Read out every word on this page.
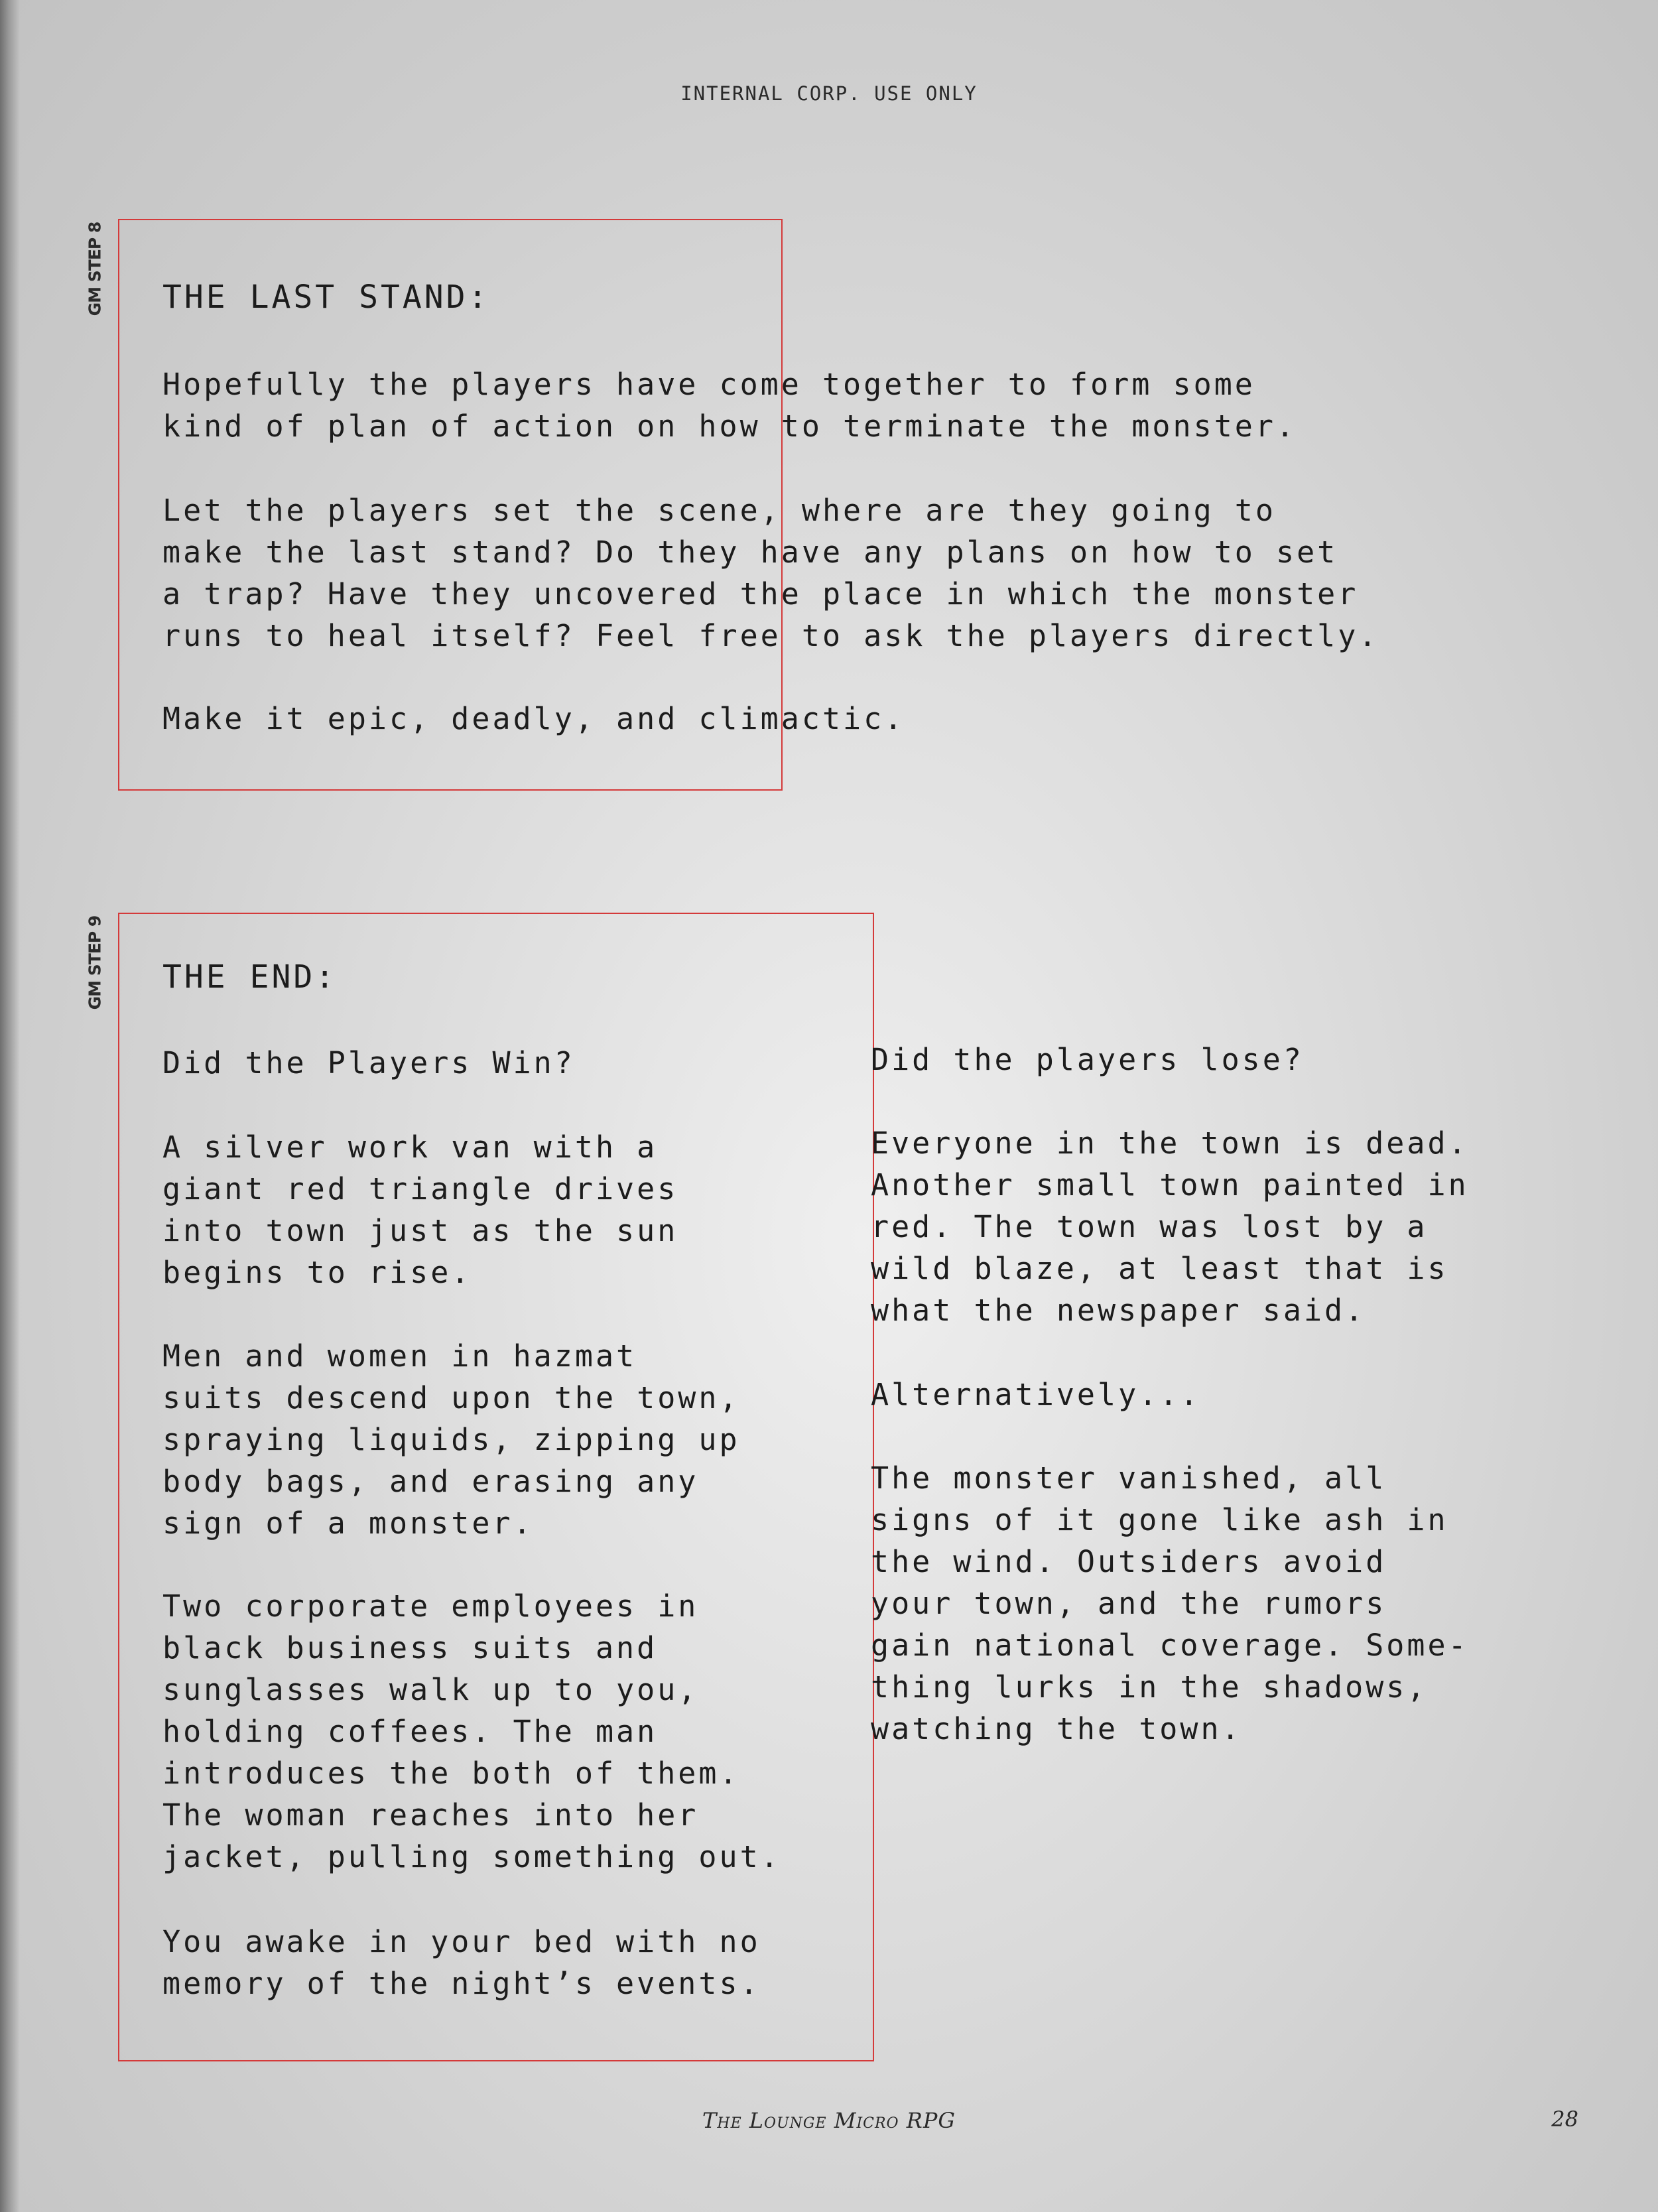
INTERNAL CORP. USE ONLY
GM STEP 8 THE LAST STAND:
Hopefully the players have come together to form some
kind of plan of action on how to terminate the monster.
Let the players set the scene, where are they going to
make the last stand? Do they have any plans on how to set
a trap? Have they uncovered the place in which the monster
runs to heal itself? Feel free to ask the players directly.
Make it epic, deadly, and climactic.
GM STEP 9 THE END:
Did the Players Win?
A silver work van with a
giant red triangle drives
into town just as the sun
begins to rise.
Men and women in hazmat
suits descend upon the town,
spraying liquids, zipping up
body bags, and erasing any
sign of a monster.
Two corporate employees in
black business suits and
sunglasses walk up to you,
holding coffees. The man
introduces the both of them.
The woman reaches into her
jacket, pulling something out.
You awake in your bed with no
memory of the night’s events.
Did the players lose?
Everyone in the town is dead.
Another small town painted in
red. The town was lost by a
wild blaze, at least that is
what the newspaper said.
Alternatively...
The monster vanished, all
signs of it gone like ash in
the wind. Outsiders avoid
your town, and the rumors
gain national coverage. Some-
thing lurks in the shadows,
watching the town.
The Lounge Micro RPG	28
